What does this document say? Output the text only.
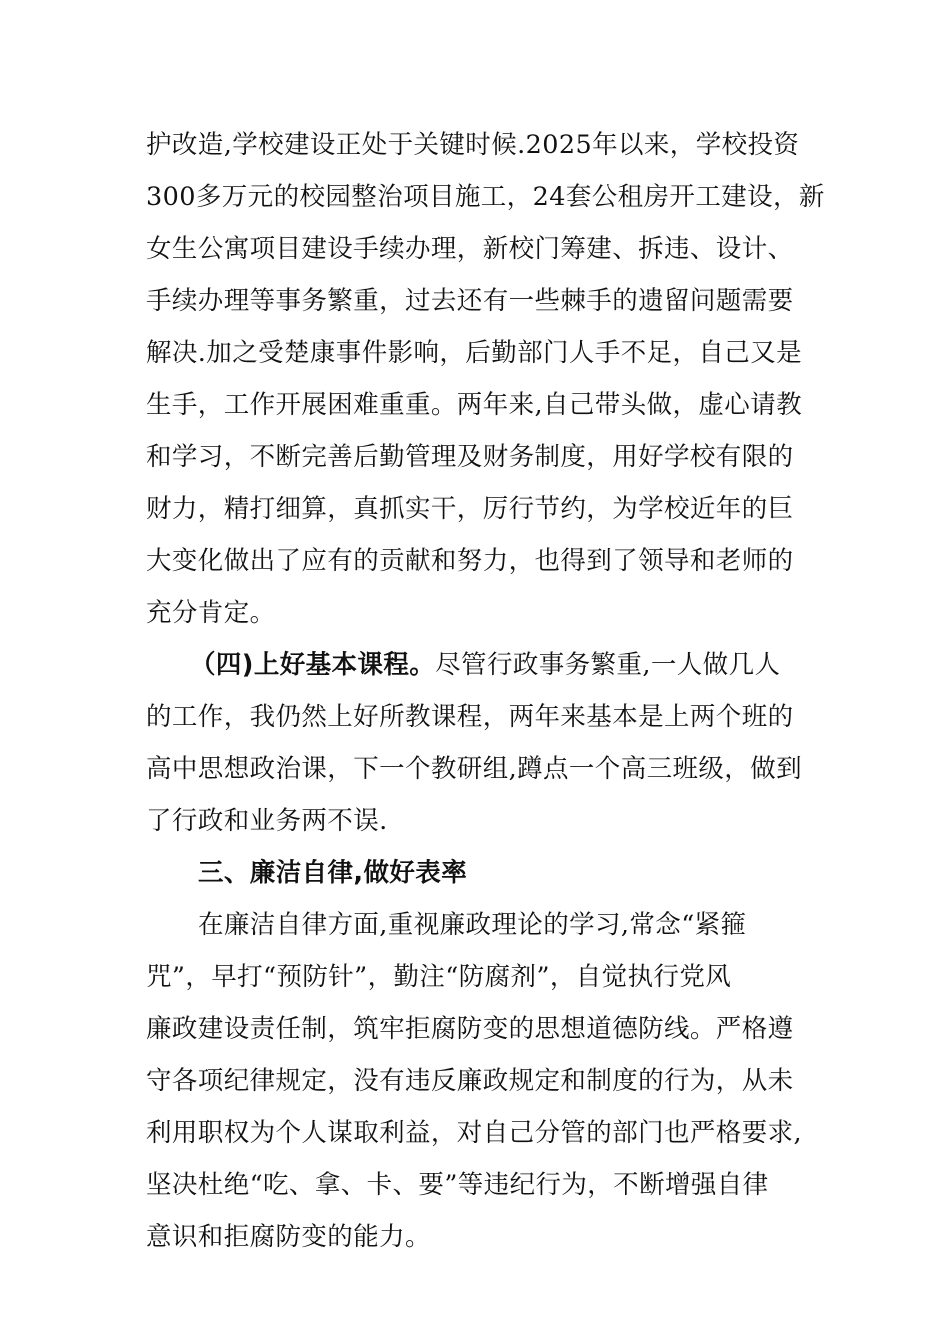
护改造,学校建设正处于关键时候.2025年以来，学校投资
300多万元的校园整治项目施工，24套公租房开工建设，新
女生公寓项目建设手续办理，新校门筹建、拆违、设计、
手续办理等事务繁重，过去还有一些棘手的遗留问题需要
解决.加之受楚康事件影响，后勤部门人手不足，自己又是
生手，工作开展困难重重。两年来,自己带头做，虚心请教
和学习，不断完善后勤管理及财务制度，用好学校有限的
财力，精打细算，真抓实干，厉行节约，为学校近年的巨
大变化做出了应有的贡献和努力，也得到了领导和老师的
充分肯定。
（四)上好基本课程。尽管行政事务繁重,一人做几人
的工作，我仍然上好所教课程，两年来基本是上两个班的
高中思想政治课，下一个教研组,蹲点一个高三班级，做到
了行政和业务两不误.
三、廉洁自律,做好表率
在廉洁自律方面,重视廉政理论的学习,常念“紧箍
咒”，早打“预防针”，勤注“防腐剂”，自觉执行党风
廉政建设责任制，筑牢拒腐防变的思想道德防线。严格遵
守各项纪律规定，没有违反廉政规定和制度的行为，从未
利用职权为个人谋取利益，对自己分管的部门也严格要求,
坚决杜绝“吃、拿、卡、要”等违纪行为，不断增强自律
意识和拒腐防变的能力。
